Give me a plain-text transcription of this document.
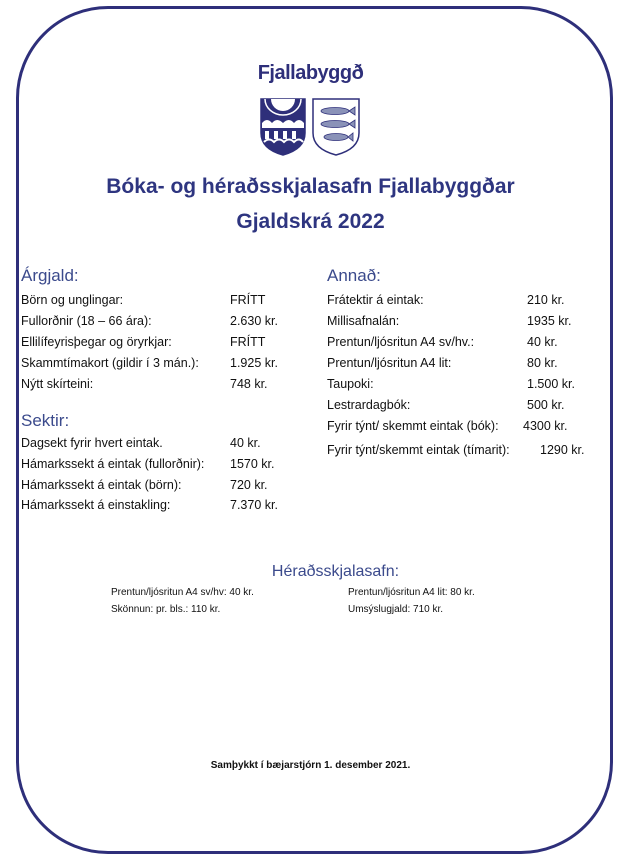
Fjallabyggð
Bóka- og héraðsskjalasafn Fjallabyggðar
Gjaldskrá 2022
Árgjald:
Börn og unglingar:	FRÍTT
Fullorðnir (18 – 66 ára):	2.630 kr.
Ellilífeyrisþegar og öryrkjar:	FRÍTT
Skammtímakort (gildir í 3 mán.): 1.925 kr.
Nýtt skírteini:	748 kr.
Sektir:
Dagsekt fyrir hvert eintak.	40 kr.
Hámarkssekt á eintak (fullorðnir): 1570 kr.
Hámarkssekt á eintak (börn):	720 kr.
Hámarkssekt á einstakling:	7.370 kr.
Annað:
Frátektir á eintak:	210 kr.
Millisafnalán:	1935 kr.
Prentun/ljósritun A4 sv/hv.:	40 kr.
Prentun/ljósritun A4 lit:	80 kr.
Taupoki:	1.500 kr.
Lestrardagbók:	500 kr.
Fyrir týnt/ skemmt eintak (bók): 4300 kr.
Fyrir týnt/skemmt eintak (tímarit): 1290 kr.
Héraðsskjalasafn:
Prentun/ljósritun A4 sv/hv: 40 kr.	Prentun/ljósritun A4 lit: 80 kr.
Skönnun: pr. bls.: 110 kr.	Umsýslugjald: 710 kr.
Samþykkt í bæjarstjórn 1. desember 2021.
